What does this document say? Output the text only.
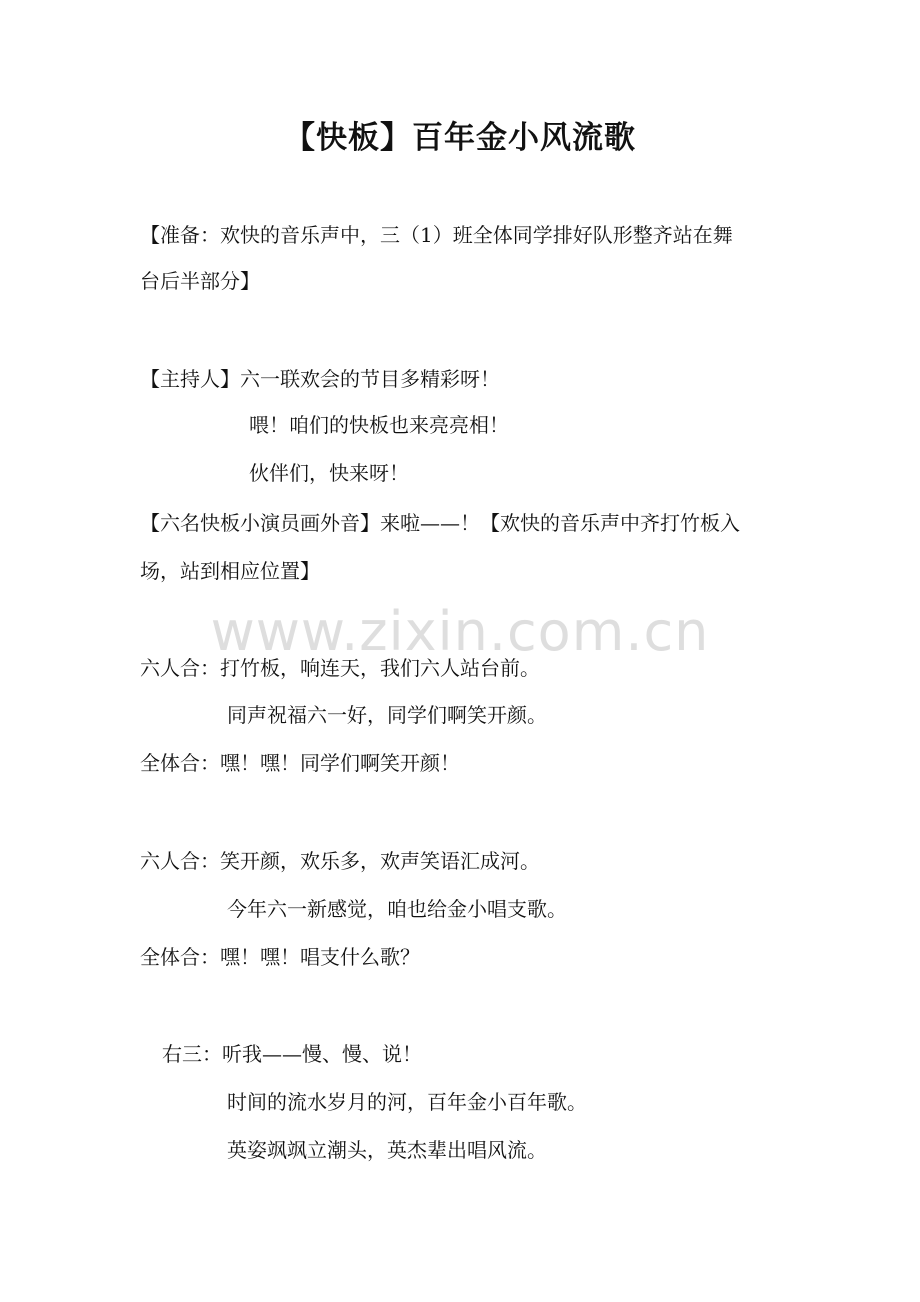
【快板】百年金小风流歌
【准备：欢快的音乐声中，三（1）班全体同学排好队形整齐站在舞
台后半部分】
【主持人】六一联欢会的节目多精彩呀！
喂！咱们的快板也来亮亮相！
伙伴们，快来呀！
【六名快板小演员画外音】来啦——！【欢快的音乐声中齐打竹板入
场，站到相应位置】
www.zixin.com.cn
六人合：打竹板，响连天，我们六人站台前。
同声祝福六一好，同学们啊笑开颜。
全体合：嘿！嘿！同学们啊笑开颜！
六人合：笑开颜，欢乐多，欢声笑语汇成河。
今年六一新感觉，咱也给金小唱支歌。
全体合：嘿！嘿！唱支什么歌？
右三：听我——慢、慢、说！
时间的流水岁月的河，百年金小百年歌。
英姿飒飒立潮头，英杰辈出唱风流。
